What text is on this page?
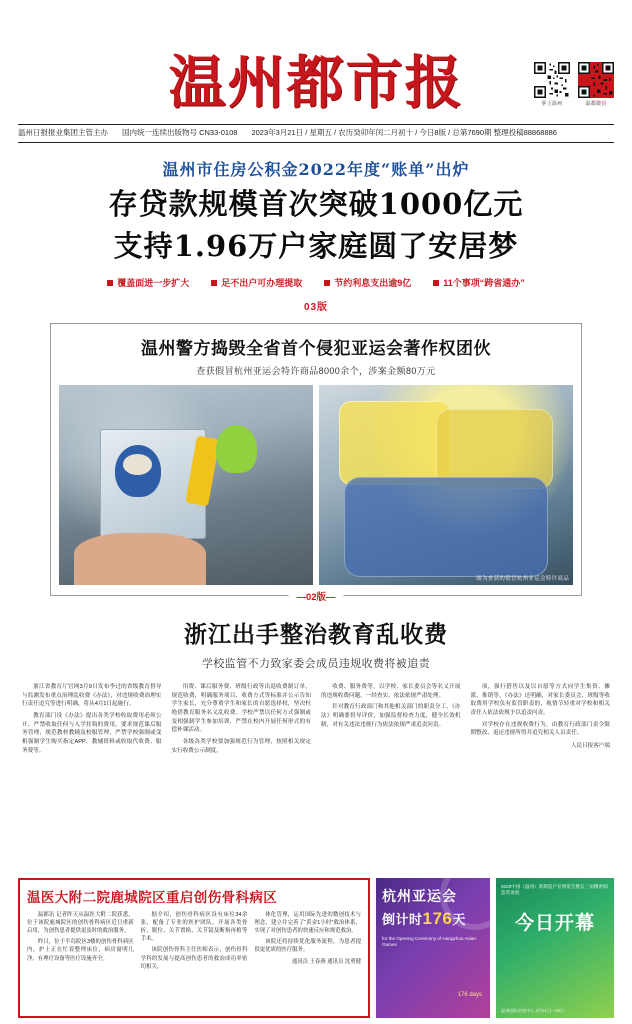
温州都市报	掌上温州	温都微信
温州日报报业集团主管主办 国内统一连续出版物号 CN33-0108 2023年3月21日 / 星期五 / 农历癸卯年闰二月初十 / 今日8版 / 总第7690期 整理投稿88868886
温州市住房公积金2022年度“账单”出炉
存贷款规模首次突破1000亿元
支持1.96万户家庭圆了安居梦
覆盖面进一步扩大	足不出户可办理提取	节约利息支出逾9亿	11个事项“跨省通办”
03版
温州警方捣毁全省首个侵犯亚运会著作权团伙
查获假冒杭州亚运会特许商品8000余个，涉案金额80万元
图为查获的假冒杭州亚运会特许商品
— 02版 —
浙江出手整治教育乱收费
学校监管不力致家委会成员违规收费将被追责

浙江省教育厅官网3月9日发布李过的省级教育督导与监测发布重点治理乱收费《办法》，对违规收费治理实行责任追究等进行明确，将从4月1日起施行。

教育部门设《办法》提出各类学校收取费用必须公开，严禁收取任何与入学挂钩的费用，要求规范课后服务管理，规范教材教辅及校服管理，严禁学校强制或变相强制学生购买指定APP、教辅资料或收取代收费、服务费等。

用费、课后服务费、班级行政等出退收费制订单，规范收费，明确服务项目、收费方式等标准并公示告知学生家长，充分尊重学生和家长的自愿选择权，坚决杜绝借教育服务名义乱收费。学校严禁以任何方式强制或变相强制学生参加培训，严禁在校内开展任何形式的有偿补课活动。

各级各类学校要加强规范行为管理，按照相关规定实行收费公示制度。

收费、服务费等，以学校、家长委员会等名义开展的违规收费问题，一经查实，依法依规严肃处理。

针对教育行政部门和其他相关部门的职责分工，《办法》明确要督导评价，加强监督检查力度，健全长效机制，对有关违法违规行为依法依规严肃追责问责。

项，强行搭售以及以自愿等方式向学生集资、摊派、推销等。《办法》还明确，对家长委员会、班级等收取费用学校负有监管职责的，视情节轻重对学校和相关责任人依法依规予以追责问责。

对学校存在违规收费行为，由教育行政部门责令限期整改、退还违规所得并追究相关人员责任。

人民日报客户端
温医大附二院鹿城院区重启创伤骨科病区

温都讯 记者昨天从温医大附二院获悉，位于该院鹿城院区的创伤骨科病区近日重新启用，为创伤患者提供更及时的救治服务。

昨日，位于半岛院区3楼的创伤骨科病区内，护士正在忙着整理床位，病房窗明几净，有理疗设备等医疗设施齐全。

据介绍，创伤骨科病区设有床位34余张，配备了专业的医护团队，开展各类骨折、脱位、关节置换、关节镜及断指再植等手术。

该院创伤骨科主任医师表示，创伤骨科学科的发展与提高创伤患者的救治成功率密切相关。

体化管理，运用国际先进的微创技术与理念，建立并完善了“黄金1小时”救治体系，实现了对创伤患者的快速反应和规范救治。

该院还将持续优化服务流程，为患者提供更优质的医疗服务。

通讯员 王春燕 通讯员 沈勇健
杭州亚运会
倒计时176天
for the Opening Ceremony of Hangzhou Asian Games
176 days
2023中国（温州）新制造产业博览会暨长三角精密制造装备展
今日开幕
温州国际会展中心 3月21日—23日
